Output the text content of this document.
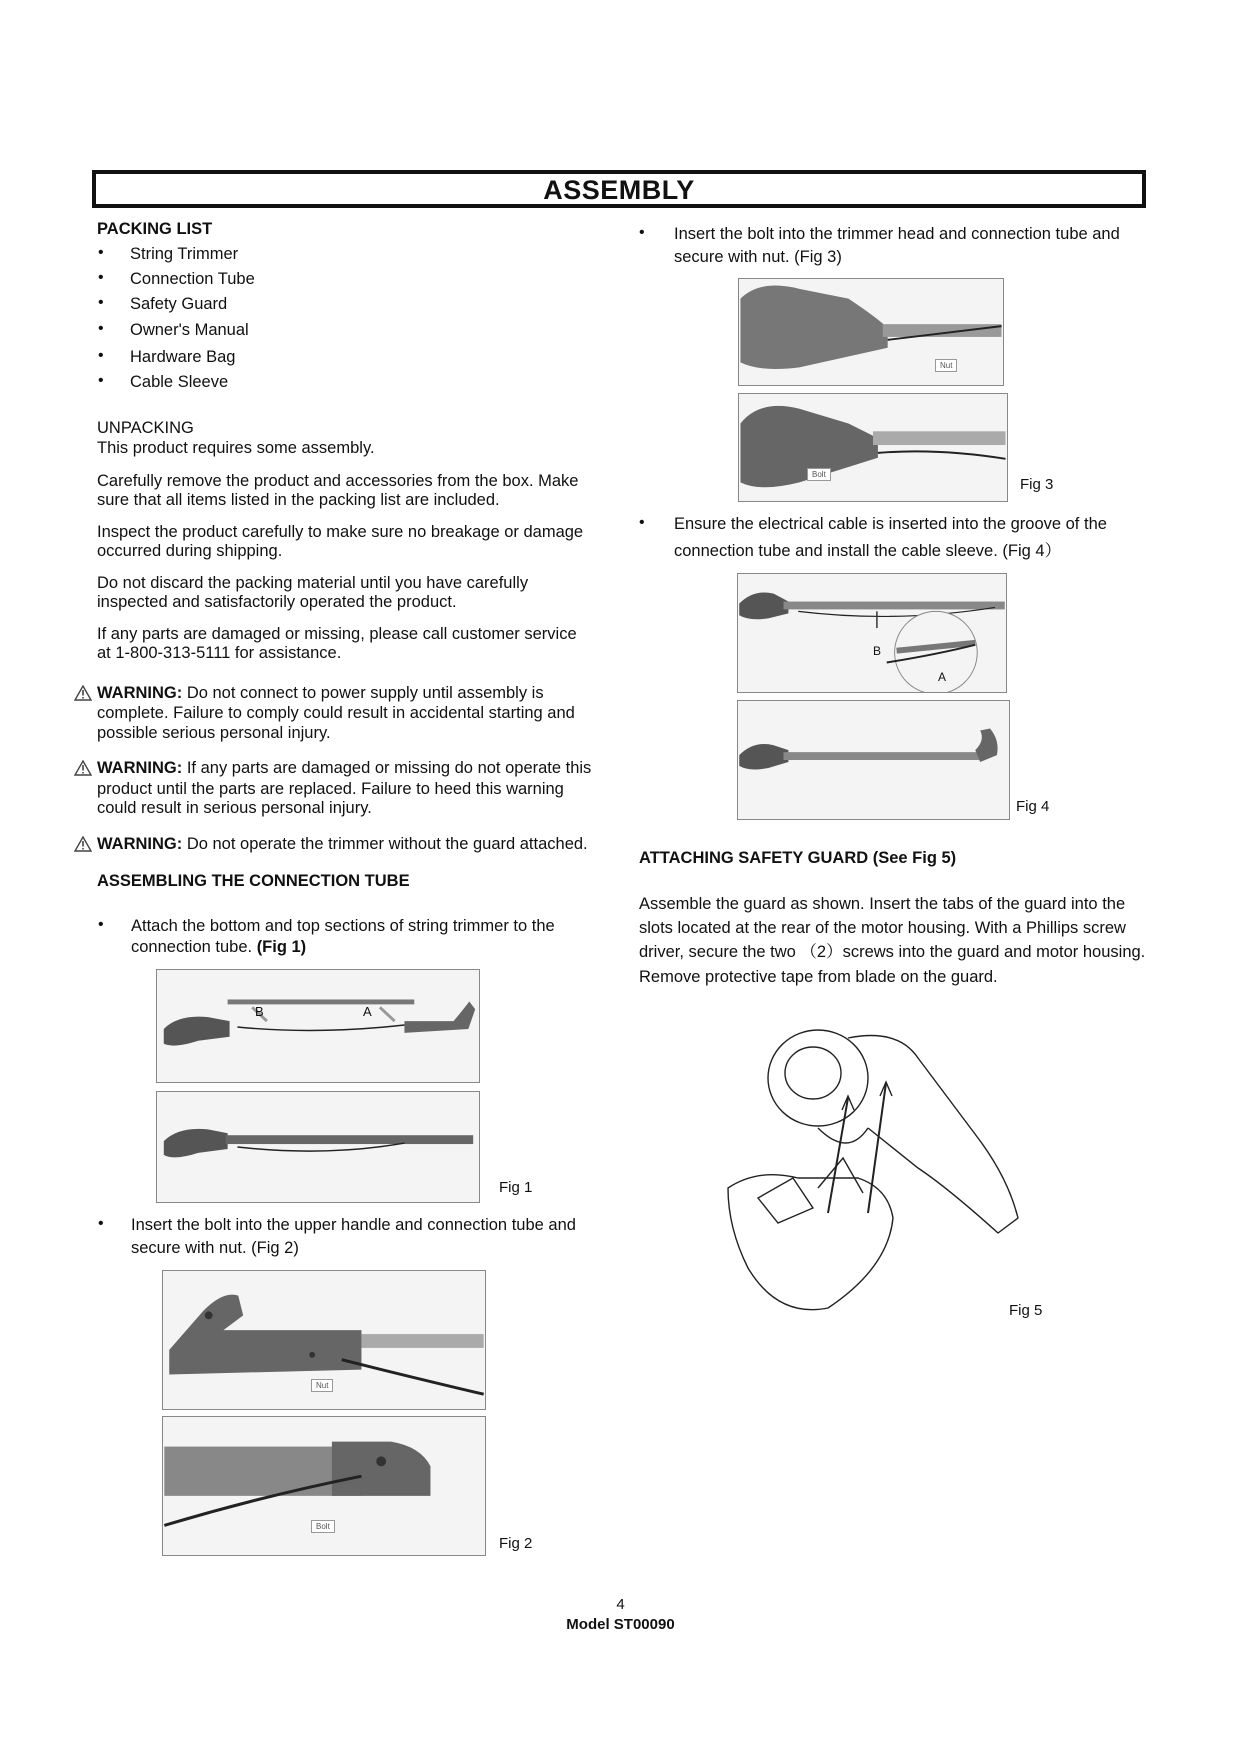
ASSEMBLY
PACKING LIST
• String Trimmer
• Connection Tube
• Safety Guard
• Owner's Manual
• Hardware Bag
• Cable Sleeve
UNPACKING
This product requires some assembly.
Carefully remove the product and accessories from the box. Make
sure that all items listed in the packing list are included.
Inspect the product carefully to make sure no breakage or damage
occurred during shipping.
Do not discard the packing material until you have carefully
inspected and satisfactorily operated the product.
If any parts are damaged or missing, please call customer service
at 1-800-313-5111 for assistance.
WARNING: Do not connect to power supply until assembly is
complete. Failure to comply could result in accidental starting and
possible serious personal injury.
WARNING: If any parts are damaged or missing do not operate this
product until the parts are replaced. Failure to heed this warning
could result in serious personal injury.
WARNING: Do not operate the trimmer without the guard attached.
ASSEMBLING THE CONNECTION TUBE
• Attach the bottom and top sections of string trimmer to the
connection tube. (Fig 1)
B	A
Fig 1
• Insert the bolt into the upper handle and connection tube and
secure with nut. (Fig 2)
Nut
Bolt
Fig 2
• Insert the bolt into the trimmer head and connection tube and
secure with nut. (Fig 3)
Nut
Bolt
Fig 3
• Ensure the electrical cable is inserted into the groove of the
connection tube and install the cable sleeve. (Fig 4）
B
A
Fig 4
ATTACHING SAFETY GUARD (See Fig 5)
Assemble the guard as shown. Insert the tabs of the guard into the
slots located at the rear of the motor housing. With a Phillips screw
driver, secure the two （2）screws into the guard and motor housing.
Remove protective tape from blade on the guard.
Fig 5
4
Model ST00090
